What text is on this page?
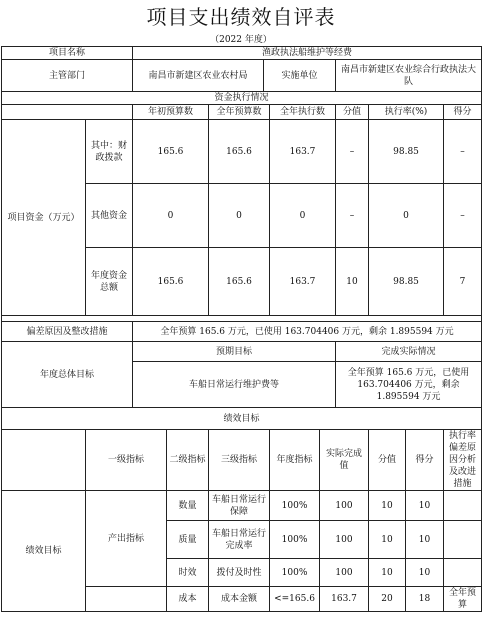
项目支出绩效自评表
（2022 年度）
项目名称		渔政执法船维护等经费									
主管部门		南昌市新建区农业农村局			实施单位			南昌市新建区农业综合行政执法大队			
资金执行情况											
		年初预算数		全年预算数		全年执行数		分值	执行率(%)		得分
项目资金（万元）	其中：财政拨款	165.6		165.6		163.7		–	98.85		–
	其他资金	0		0		0		–	0		–
	年度资金总额	165.6		165.6		163.7		10	98.85		7

偏差原因及整改措施		全年预算 165.6 万元，已使用 163.704406 万元，剩余 1.895594 万元									
年度总体目标		预期目标						完成实际情况			
		车船日常运行维护费等						全年预算 165.6 万元，已使用 163.704406 万元，剩余 1.895594 万元			
绩效目标											
	一级指标		二级指标	三级指标		年度指标	实际完成值		分值	得分	执行率偏差原因分析及改进措施
绩效目标	产出指标		数量	车船日常运行保障		100%	100		10	10	
			质量	车船日常运行完成率		100%	100		10	10	
			时效	拨付及时性		100%	100		10	10	
			成本	成本金额		<=165.6	163.7		20	18	全年预算
